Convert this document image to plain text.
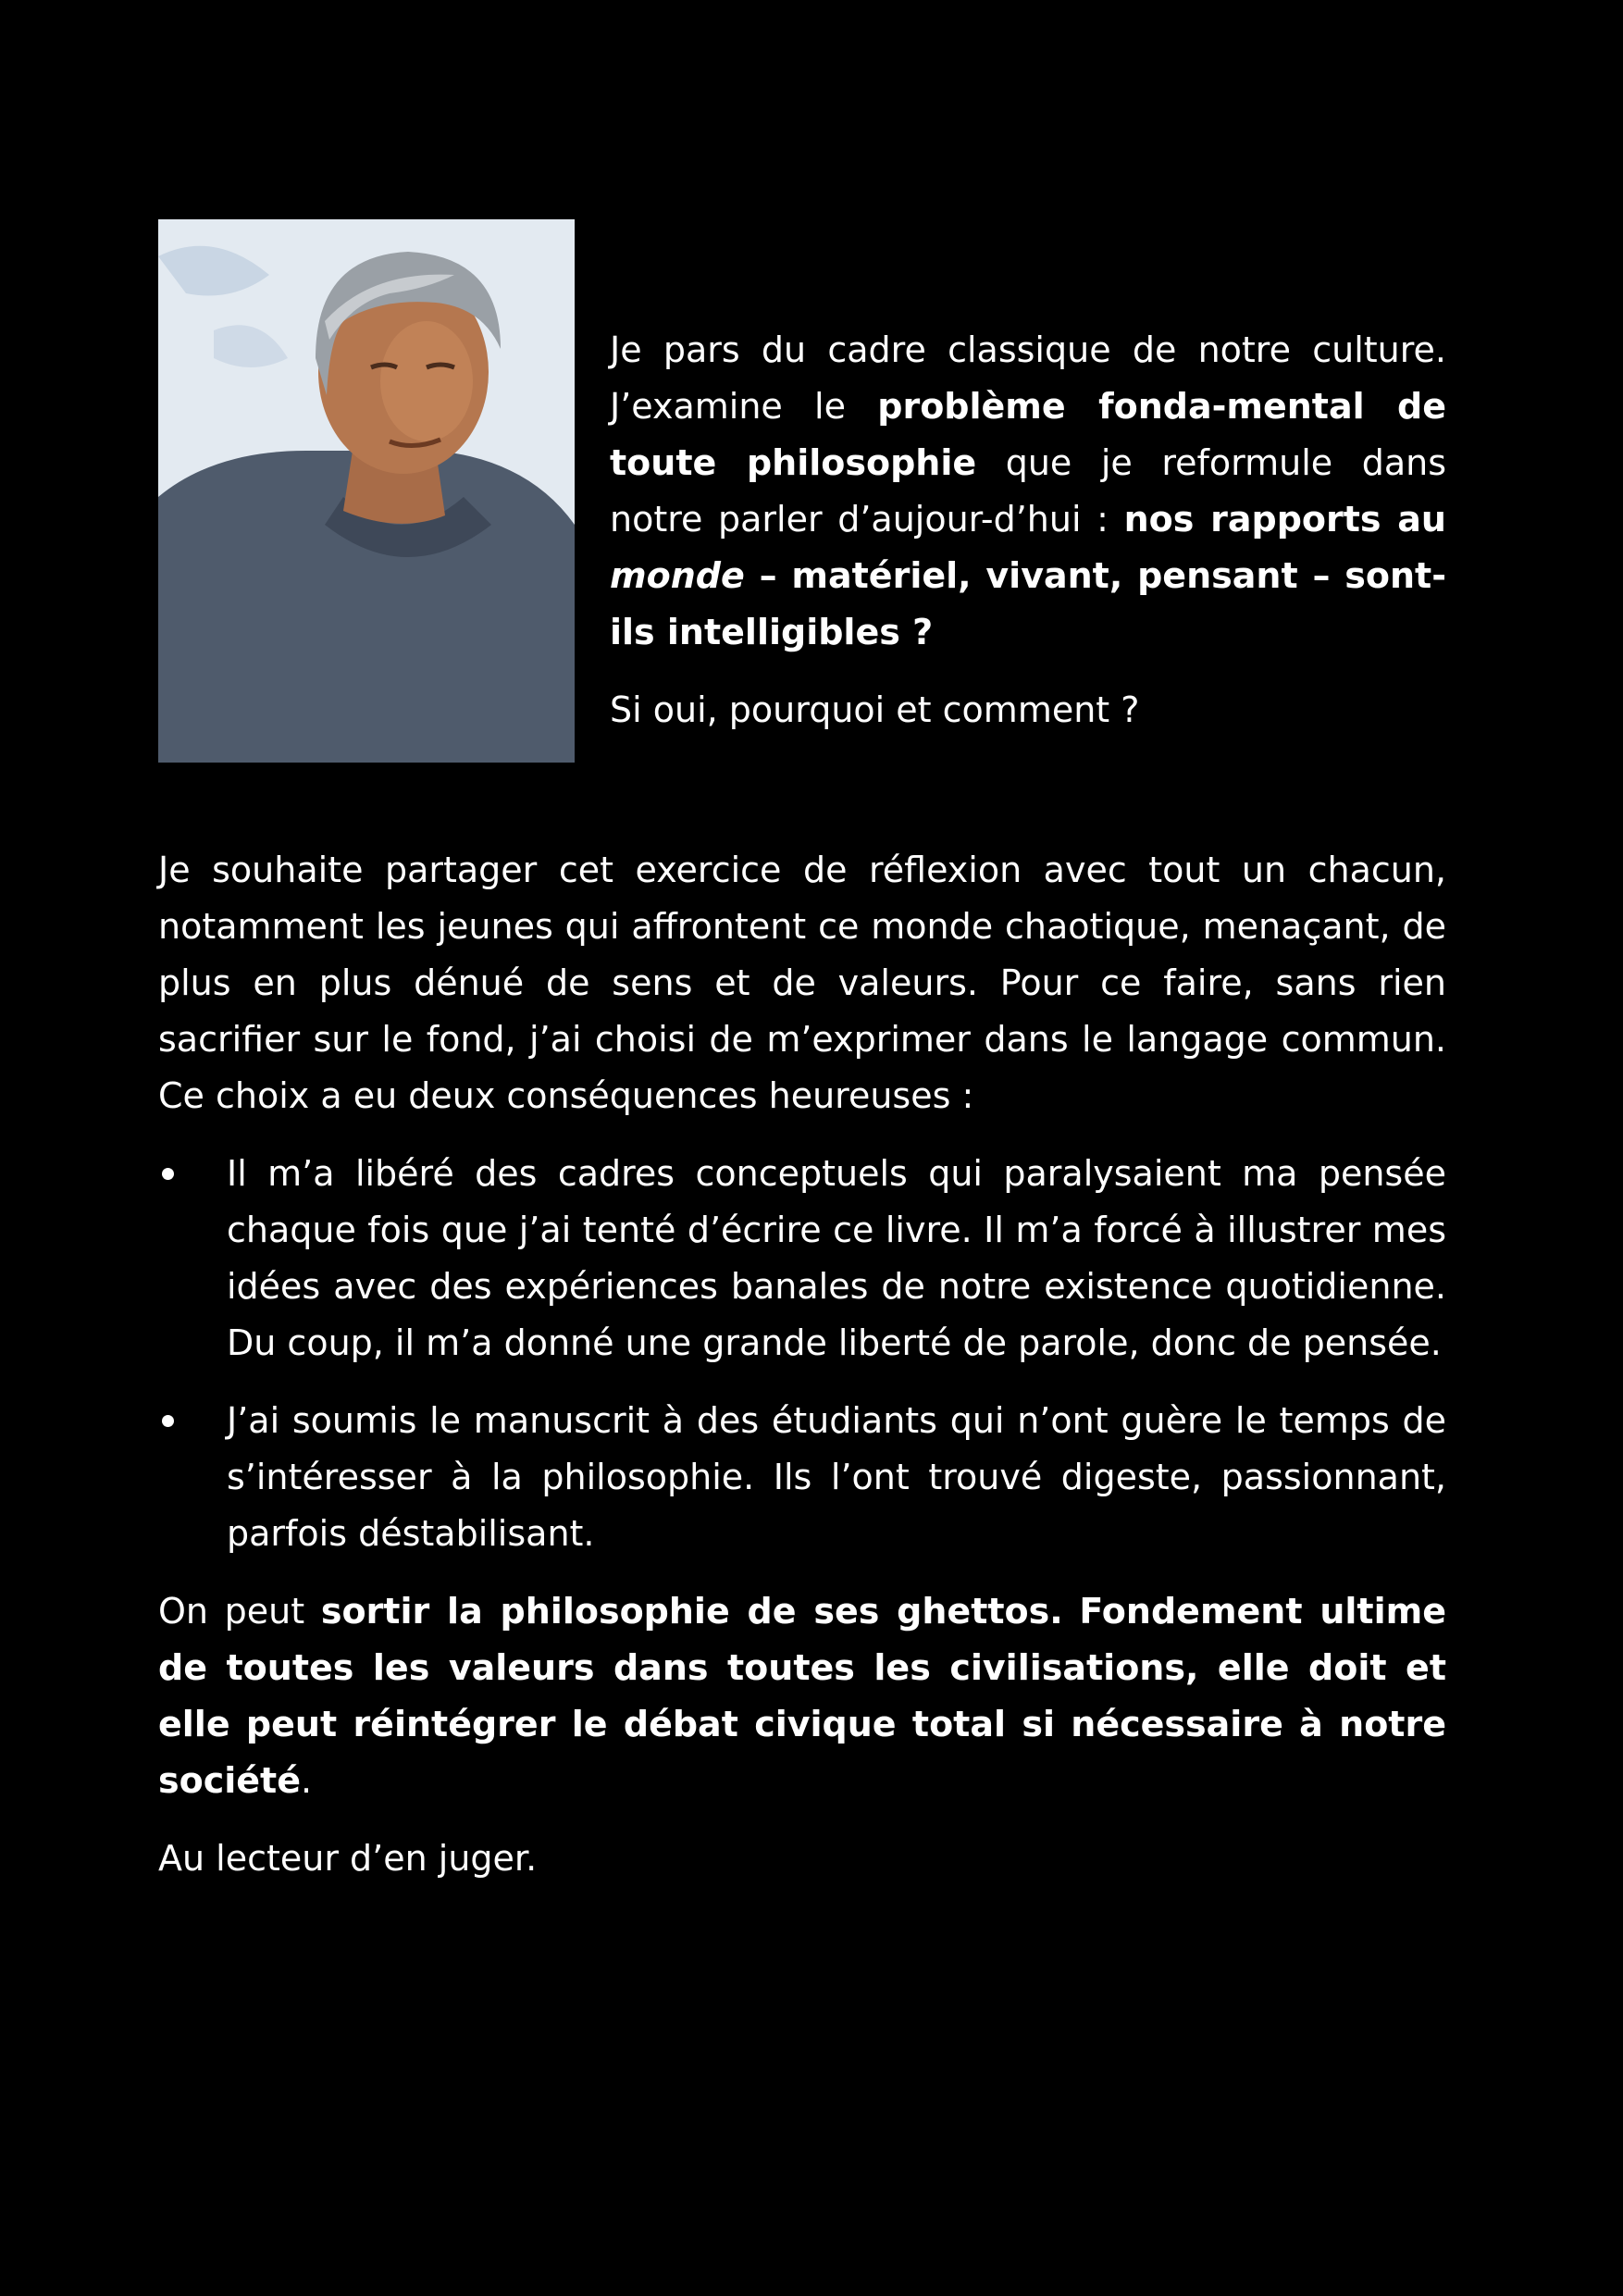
Je pars du cadre classique de notre culture. J’examine le problème fonda-mental de toute philosophie que je reformule dans notre parler d’aujour-d’hui : nos rapports au monde – matériel, vivant, pensant – sont-ils intelligibles ?

Si oui, pourquoi et comment ?

Je souhaite partager cet exercice de réflexion avec tout un chacun, notamment les jeunes qui affrontent ce monde chaotique, menaçant, de plus en plus dénué de sens et de valeurs. Pour ce faire, sans rien sacrifier sur le fond, j’ai choisi de m’exprimer dans le langage commun. Ce choix a eu deux conséquences heureuses :

Il m’a libéré des cadres conceptuels qui paralysaient ma pensée chaque fois que j’ai tenté d’écrire ce livre. Il m’a forcé à illustrer mes idées avec des expériences banales de notre existence quotidienne. Du coup, il m’a donné une grande liberté de parole, donc de pensée.
J’ai soumis le manuscrit à des étudiants qui n’ont guère le temps de s’intéresser à la philosophie. Ils l’ont trouvé digeste, passionnant, parfois déstabilisant.

On peut sortir la philosophie de ses ghettos. Fondement ultime de toutes les valeurs dans toutes les civilisations, elle doit et elle peut réintégrer le débat civique total si nécessaire à notre société.

Au lecteur d’en juger.
